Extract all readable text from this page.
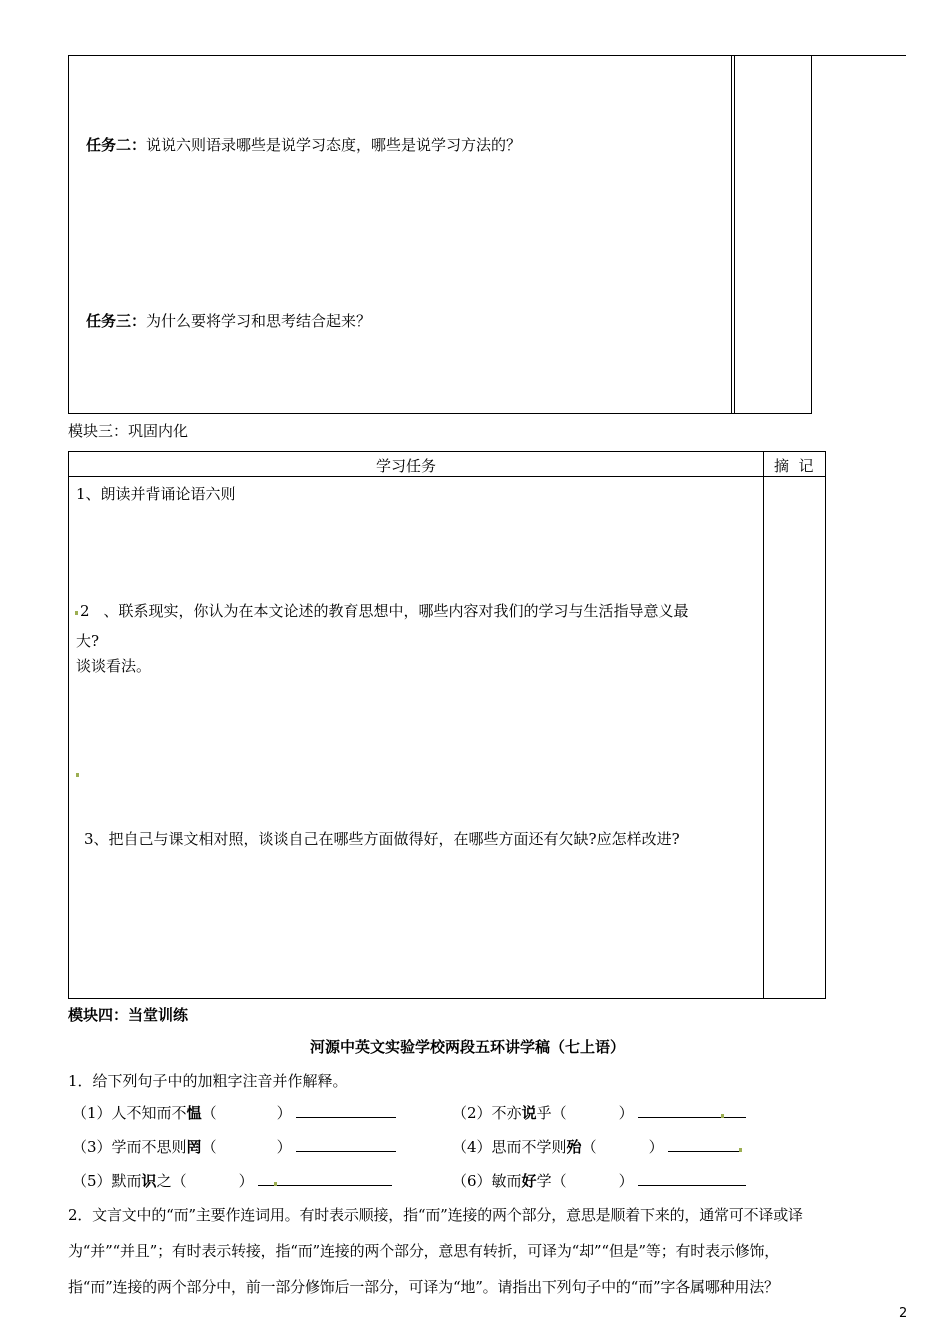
任务二：说说六则语录哪些是说学习态度，哪些是说学习方法的？
任务三：为什么要将学习和思考结合起来？
模块三：巩固内化
学习任务	摘  记
1、朗读并背诵论语六则
2 、联系现实，你认为在本文论述的教育思想中，哪些内容对我们的学习与生活指导意义最
大?
谈谈看法。
3、把自己与课文相对照，谈谈自己在哪些方面做得好，在哪些方面还有欠缺?应怎样改进?
模块四：当堂训练
河源中英文实验学校两段五环讲学稿（七上语）
1．给下列句子中的加粗字注音并作解释。
（1）人不知而不愠（	）	（2）不亦说乎（	）
（3）学而不思则罔（	）	（4）思而不学则殆（	）
（5）默而识之（	）	（6）敏而好学（	）
2．文言文中的“而”主要作连词用。有时表示顺接，指“而”连接的两个部分，意思是顺着下来的，通常可不译或译
为“并”“并且”；有时表示转接，指“而”连接的两个部分，意思有转折，可译为“却”“但是”等；有时表示修饰，
指“而”连接的两个部分中，前一部分修饰后一部分，可译为“地”。请指出下列句子中的“而”字各属哪种用法？
2
